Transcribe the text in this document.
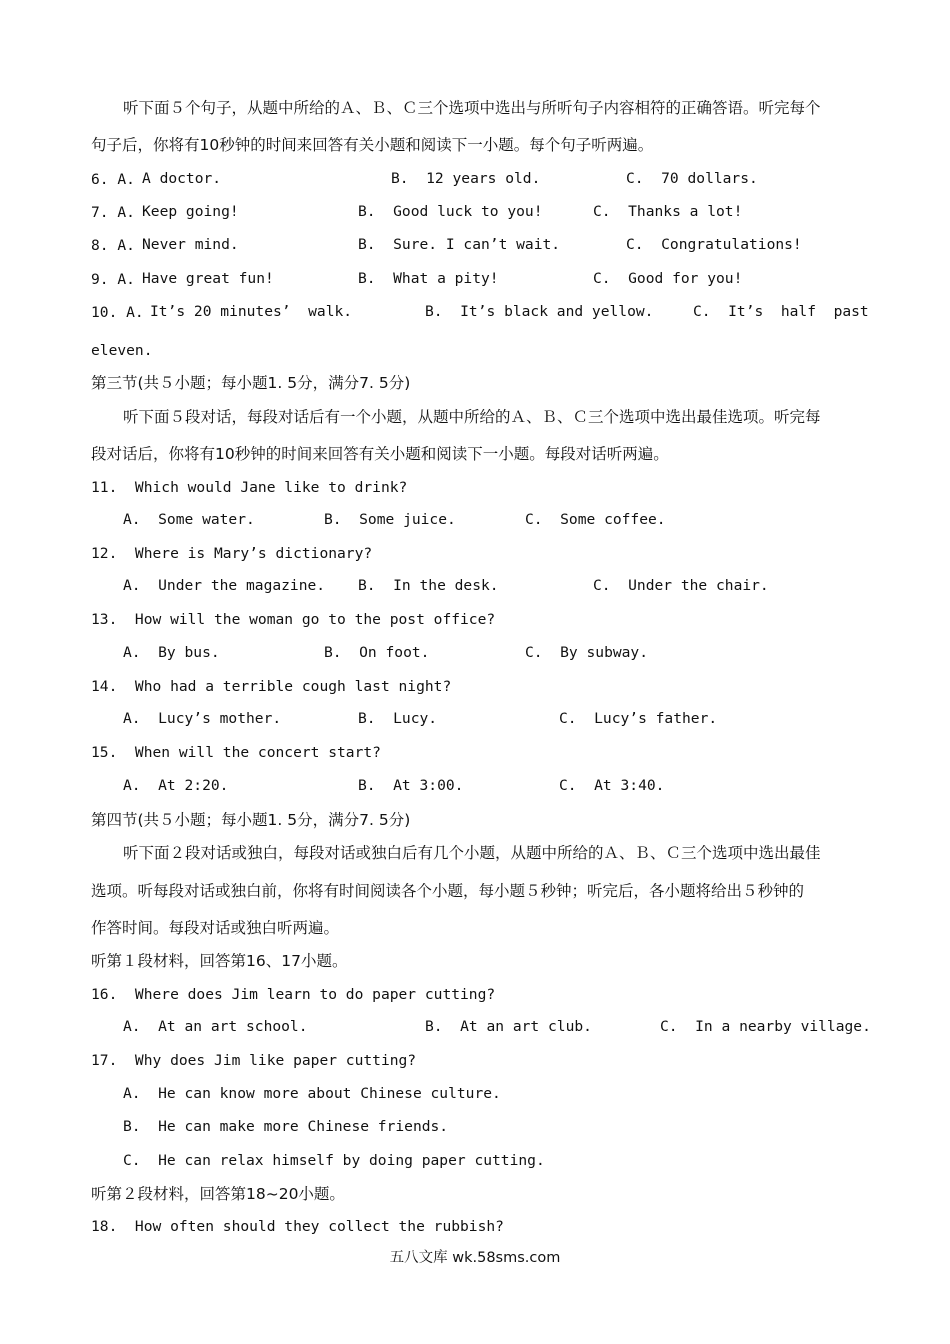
听下面５个句子，从题中所给的Ａ、Ｂ、Ｃ三个选项中选出与所听句子内容相符的正确答语。听完每个
句子后，你将有10秒钟的时间来回答有关小题和阅读下一小题。每个句子听两遍。
6. A. A doctor.	B.  12 years old.	C.  70 dollars.
7. A. Keep going!	B.  Good luck to you!	C.  Thanks a lot!
8. A. Never mind.	B.  Sure. I can’t wait.	C.  Congratulations!
9. A. Have great fun!	B.  What a pity!	C.  Good for you!
10. A. It’s 20 minutes’  walk.	B.  It’s black and yellow.	C.  It’s  half  past
eleven.
第三节(共５小题；每小题1. 5分，满分7. 5分)
听下面５段对话，每段对话后有一个小题，从题中所给的Ａ、Ｂ、Ｃ三个选项中选出最佳选项。听完每
段对话后，你将有10秒钟的时间来回答有关小题和阅读下一小题。每段对话听两遍。
11.  Which would Jane like to drink?
A.  Some water.	B.  Some juice.	C.  Some coffee.
12.  Where is Mary’s dictionary?
A.  Under the magazine. B.  In the desk.	C.  Under the chair.
13.  How will the woman go to the post office?
A.  By bus.	B.  On foot.	C.  By subway.
14.  Who had a terrible cough last night?
A.  Lucy’s mother.	B.  Lucy.	C.  Lucy’s father.
15.  When will the concert start?
A.  At 2:20.	B.  At 3:00.	C.  At 3:40.
第四节(共５小题；每小题1. 5分，满分7. 5分)
听下面２段对话或独白，每段对话或独白后有几个小题，从题中所给的Ａ、Ｂ、Ｃ三个选项中选出最佳
选项。听每段对话或独白前，你将有时间阅读各个小题，每小题５秒钟；听完后，各小题将给出５秒钟的
作答时间。每段对话或独白听两遍。
听第１段材料，回答第16、17小题。
16.  Where does Jim learn to do paper cutting?
A.  At an art school.	B.  At an art club.	C.  In a nearby village.
17.  Why does Jim like paper cutting?
A.  He can know more about Chinese culture.
B.  He can make more Chinese friends.
C.  He can relax himself by doing paper cutting.
听第２段材料，回答第18~20小题。
18.  How often should they collect the rubbish?
五八文库 wk.58sms.com
